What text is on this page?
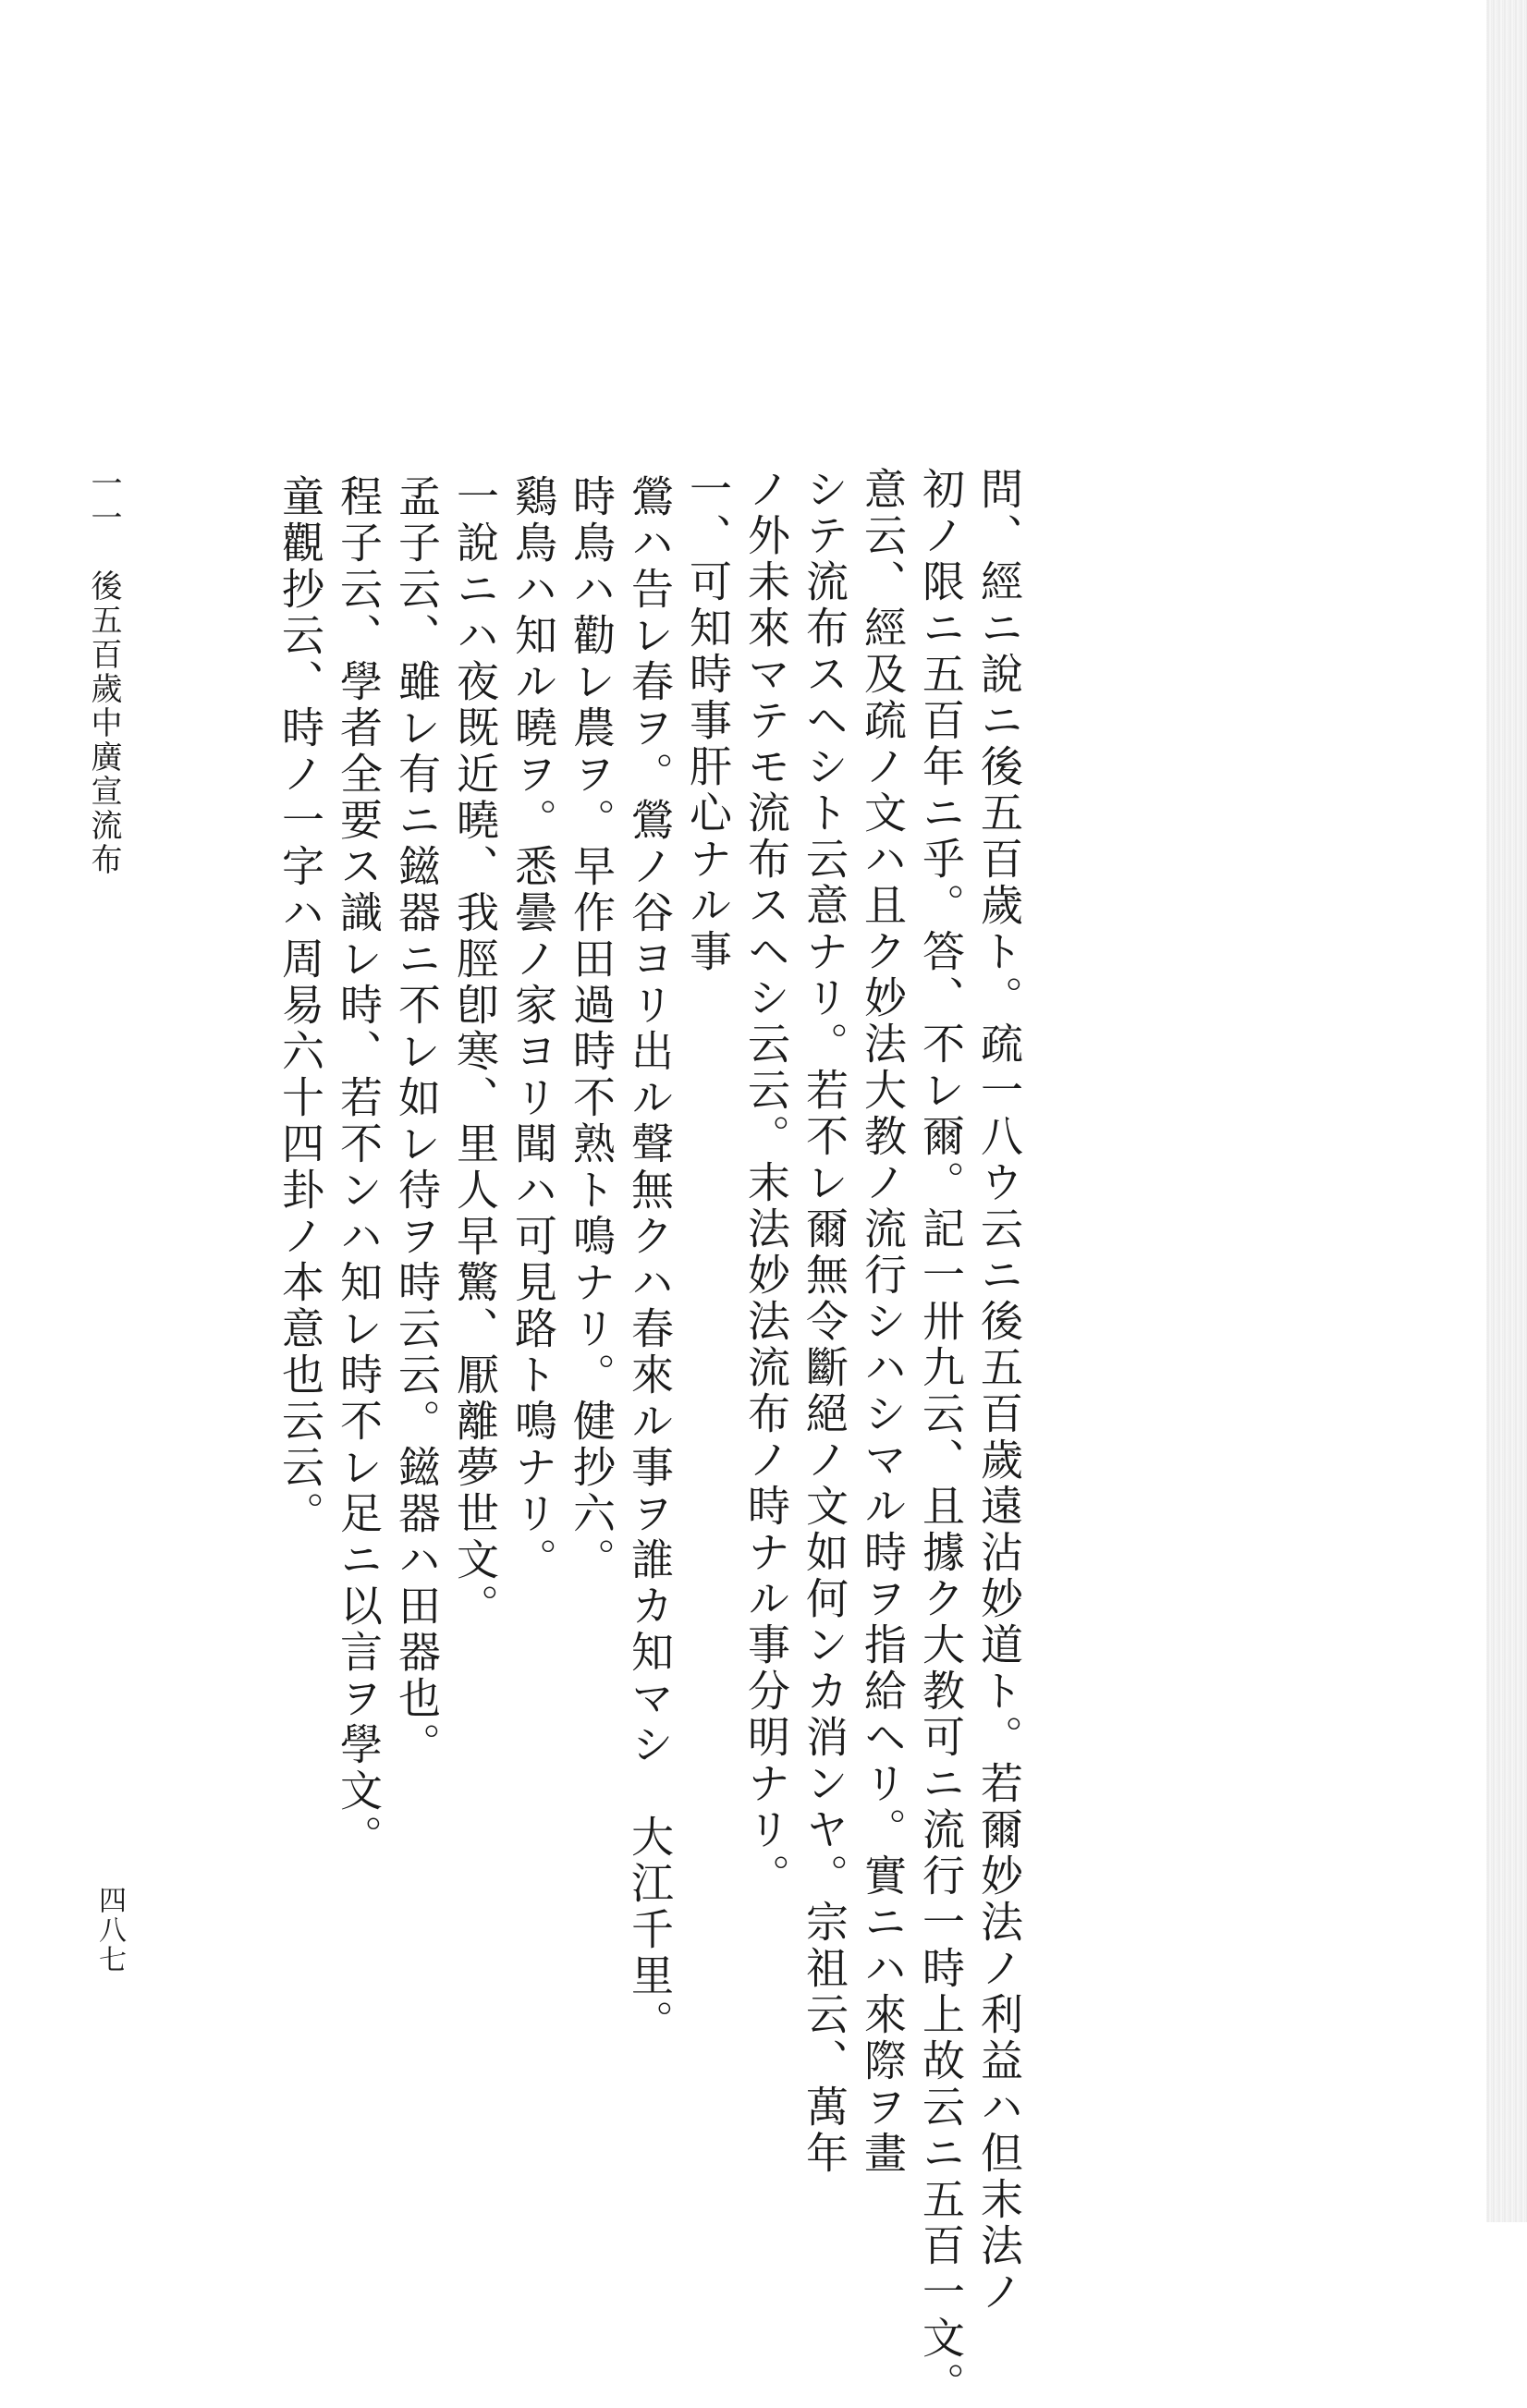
問、經ニ說ニ後五百歲ト。疏一八ウ云ニ後五百歲遠沾妙道ト。若爾妙法ノ利益ハ但末法ノ
初ノ限ニ五百年ニ乎。答、不レ爾。記一卅九云、且據ク大教可ニ流行一時上故云ニ五百一文。
意云、經及疏ノ文ハ且ク妙法大教ノ流行シハシマル時ヲ指給ヘリ。實ニハ來際ヲ畫
シテ流布スヘシト云意ナリ。若不レ爾無令斷絕ノ文如何ンカ消ンヤ。宗祖云、萬年
ノ外未來マテモ流布スヘシ云云。末法妙法流布ノ時ナル事分明ナリ。
一、可知時事肝心ナル事
鶯ハ告レ春ヲ。鶯ノ谷ヨリ出ル聲無クハ春來ル事ヲ誰カ知マシ　大江千里。
時鳥ハ勸レ農ヲ。早作田過時不熟ト鳴ナリ。健抄六。
鷄鳥ハ知ル曉ヲ。悉曇ノ家ヨリ聞ハ可見路ト鳴ナリ。
一說ニハ夜既近曉、我脛卽寒、里人早驚、厭離夢世文。
孟子云、雖レ有ニ鎡器ニ不レ如レ待ヲ時云云。鎡器ハ田器也。
程子云、學者全要ス識レ時、若不ンハ知レ時不レ足ニ以言ヲ學文。
童觀抄云、時ノ一字ハ周易六十四卦ノ本意也云云。
一一　後五百歲中廣宣流布
四八七
